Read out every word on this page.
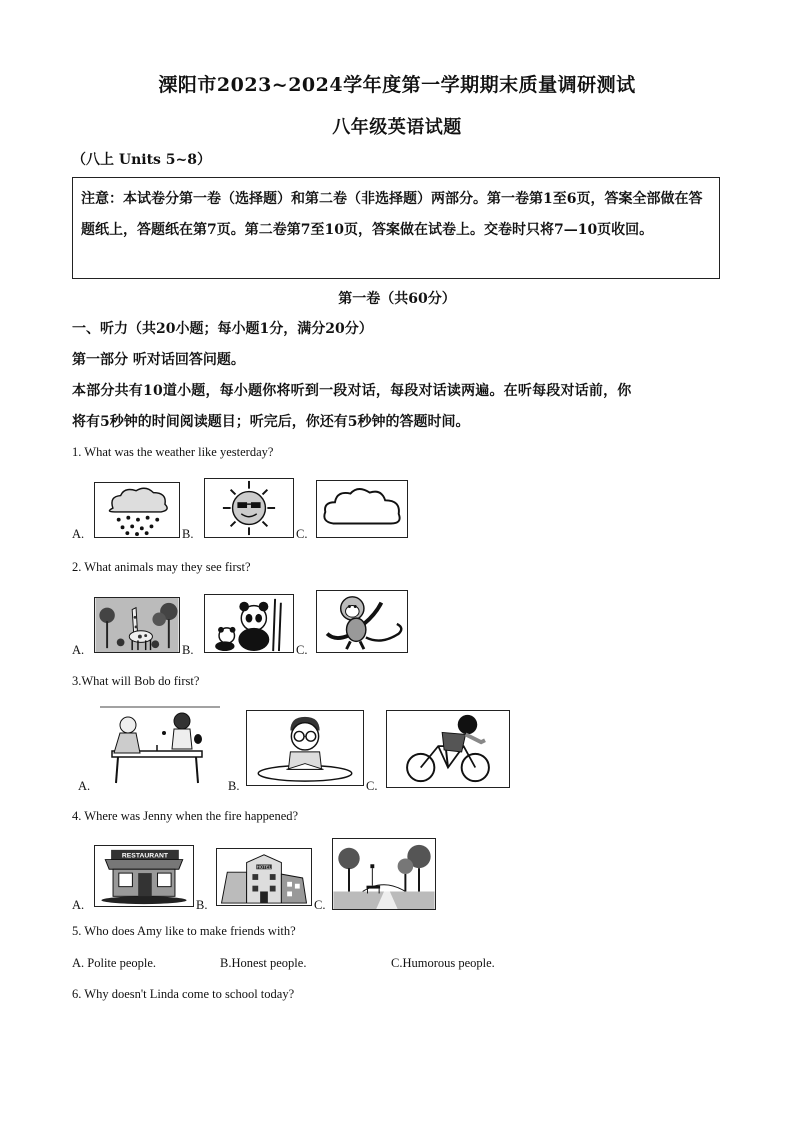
溧阳市2023~2024学年度第一学期期末质量调研测试
八年级英语试题
（八上 Units 5~8）
注意：本试卷分第一卷（选择题）和第二卷（非选择题）两部分。第一卷第1至6页，答案全部做在答题纸上，答题纸在第7页。第二卷第7至10页，答案做在试卷上。交卷时只将7—10页收回。
第一卷（共60分）
一、听力（共20小题；每小题1分，满分20分）
第一部分 听对话回答问题。
本部分共有10道小题，每小题你将听到一段对话，每段对话读两遍。在听每段对话前，你
将有5秒钟的时间阅读题目；听完后，你还有5秒钟的答题时间。
1. What was the weather like yesterday?
A.	B.	C.
2. What animals may they see first?
A.	B.	C.
3.What will Bob do first?
A.	B.	C.
4. Where was Jenny when the fire happened?
A.
RESTAURANT
B.
HOTEL
C.
5. Who does Amy like to make friends with?
A. Polite people.	B.Honest people.	C.Humorous people.
6. Why doesn't Linda come to school today?
